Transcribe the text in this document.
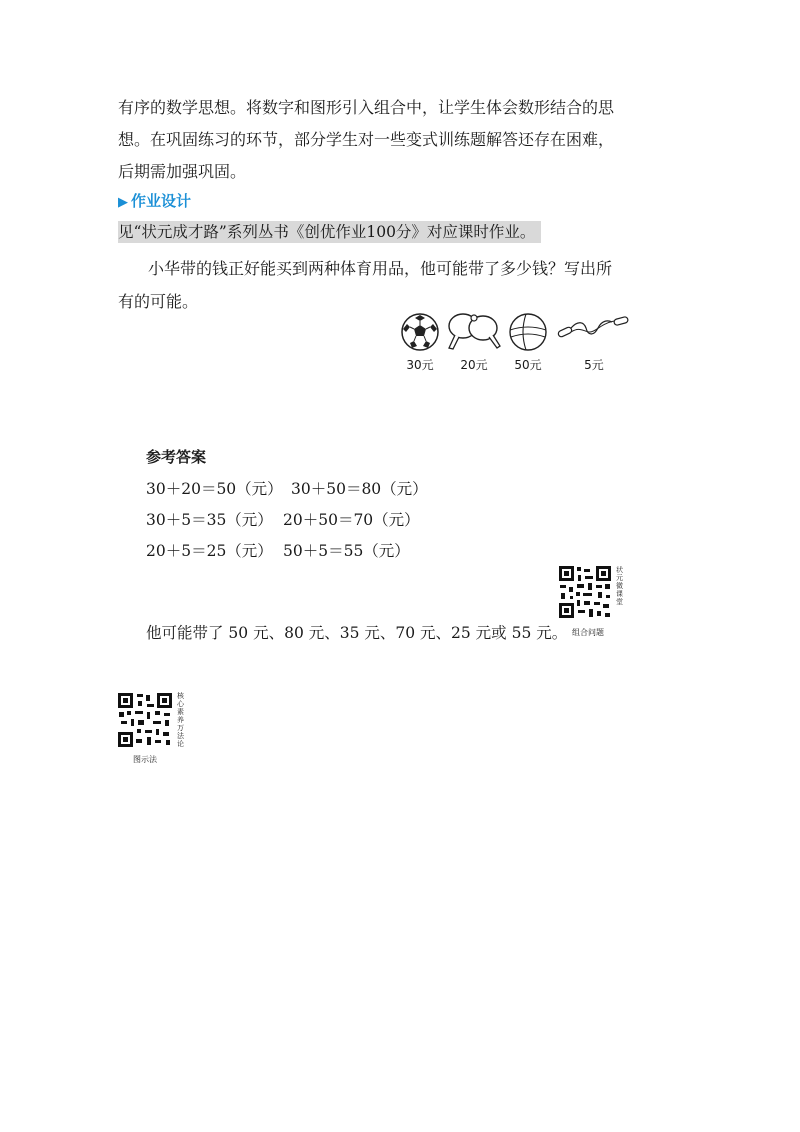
有序的数学思想。将数字和图形引入组合中，让学生体会数形结合的思
想。在巩固练习的环节，部分学生对一些变式训练题解答还存在困难，
后期需加强巩固。
▶ 作业设计
见“状元成才路”系列丛书《创优作业100分》对应课时作业。
小华带的钱正好能买到两种体育用品，他可能带了多少钱？写出所
有的可能。
30元	20元	50元	5元
参考答案
30＋20＝50（元） 30＋50＝80（元）
30＋5＝35（元） 20＋50＝70（元）
20＋5＝25（元） 50＋5＝55（元）
他可能带了 50 元、80 元、35 元、70 元、25 元或 55 元。
状元微课堂
组合问题
核心素养万法论
图示法
